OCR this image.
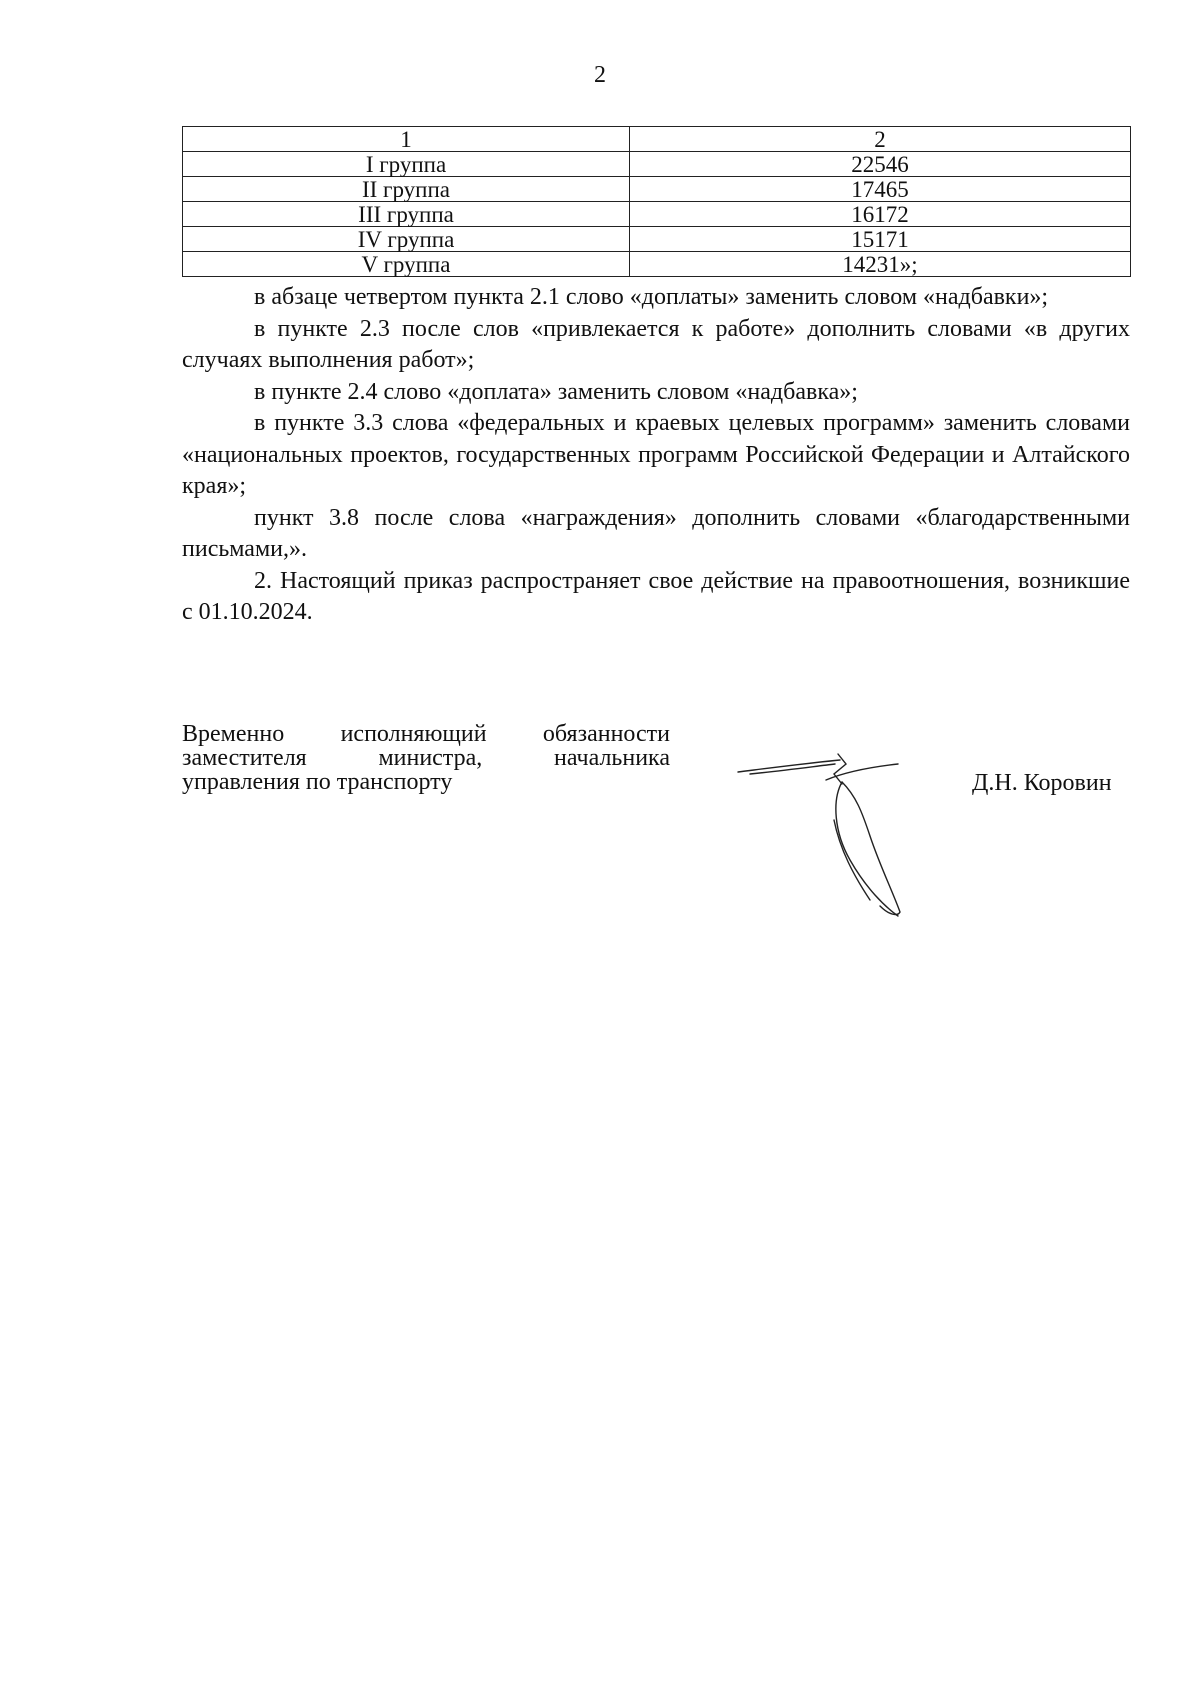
2
1	2
I группа	22546
II группа	17465
III группа	16172
IV группа	15171
V группа	14231»;

в абзаце четвертом пункта 2.1 слово «доплаты» заменить словом «надбавки»;

в пункте 2.3 после слов «привлекается к работе» дополнить словами «в других случаях выполнения работ»;

в пункте 2.4 слово «доплата» заменить словом «надбавка»;

в пункте 3.3 слова «федеральных и краевых целевых программ» заменить словами «национальных проектов, государственных программ Российской Федерации и Алтайского края»;

пункт 3.8 после слова «награждения» дополнить словами «благодарственными письмами,».

2. Настоящий приказ распространяет свое действие на правоотношения, возникшие с 01.10.2024.

Временно исполняющий обязанности
заместителя министра, начальника
управления по транспорту	Д.Н. Коровин
